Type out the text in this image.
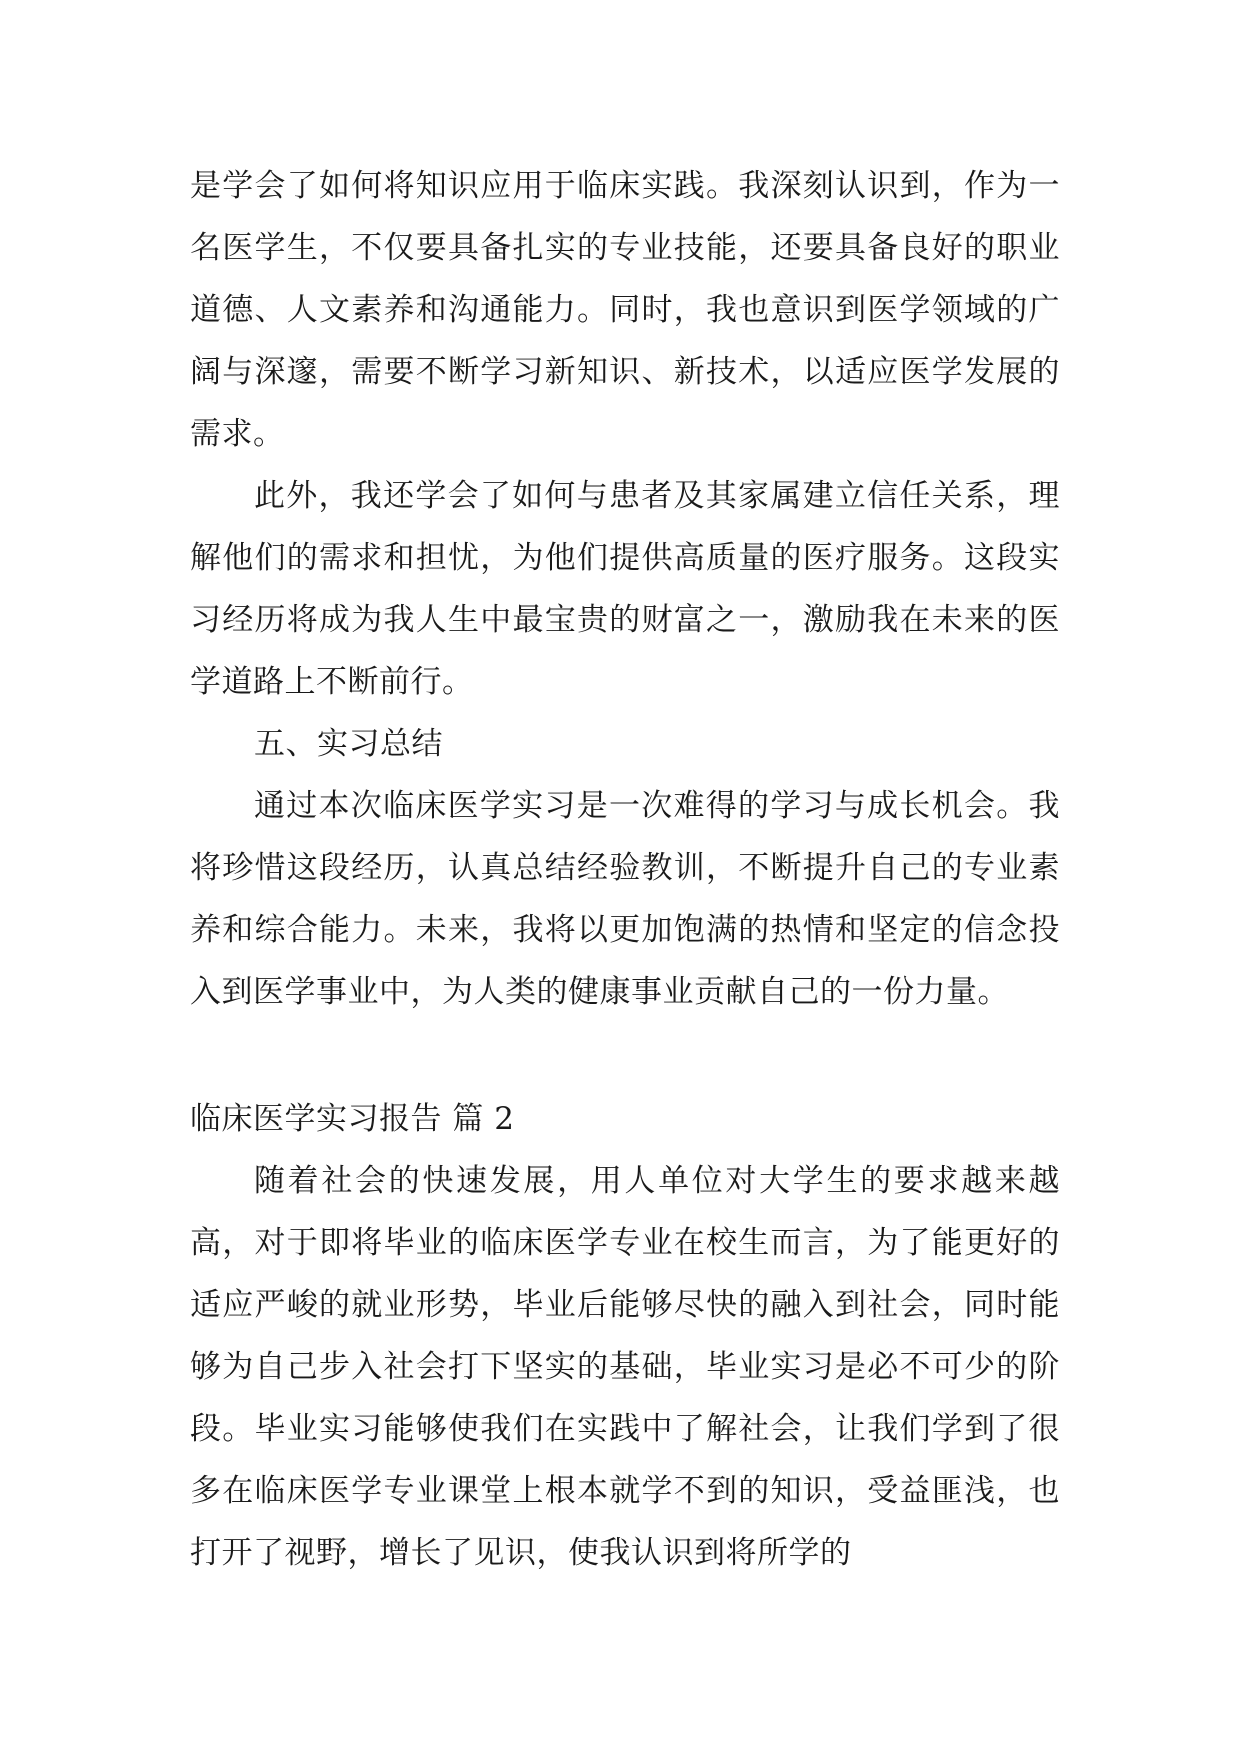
是学会了如何将知识应用于临床实践。我深刻认识到，作为一名医学生，不仅要具备扎实的专业技能，还要具备良好的职业道德、人文素养和沟通能力。同时，我也意识到医学领域的广阔与深邃，需要不断学习新知识、新技术，以适应医学发展的需求。

此外，我还学会了如何与患者及其家属建立信任关系，理解他们的需求和担忧，为他们提供高质量的医疗服务。这段实习经历将成为我人生中最宝贵的财富之一，激励我在未来的医学道路上不断前行。

五、实习总结

通过本次临床医学实习是一次难得的学习与成长机会。我将珍惜这段经历，认真总结经验教训，不断提升自己的专业素养和综合能力。未来，我将以更加饱满的热情和坚定的信念投入到医学事业中，为人类的健康事业贡献自己的一份力量。

临床医学实习报告 篇 2

随着社会的快速发展，用人单位对大学生的要求越来越高，对于即将毕业的临床医学专业在校生而言，为了能更好的适应严峻的就业形势，毕业后能够尽快的融入到社会，同时能够为自己步入社会打下坚实的基础，毕业实习是必不可少的阶段。毕业实习能够使我们在实践中了解社会，让我们学到了很多在临床医学专业课堂上根本就学不到的知识，受益匪浅，也打开了视野，增长了见识，使我认识到将所学的
